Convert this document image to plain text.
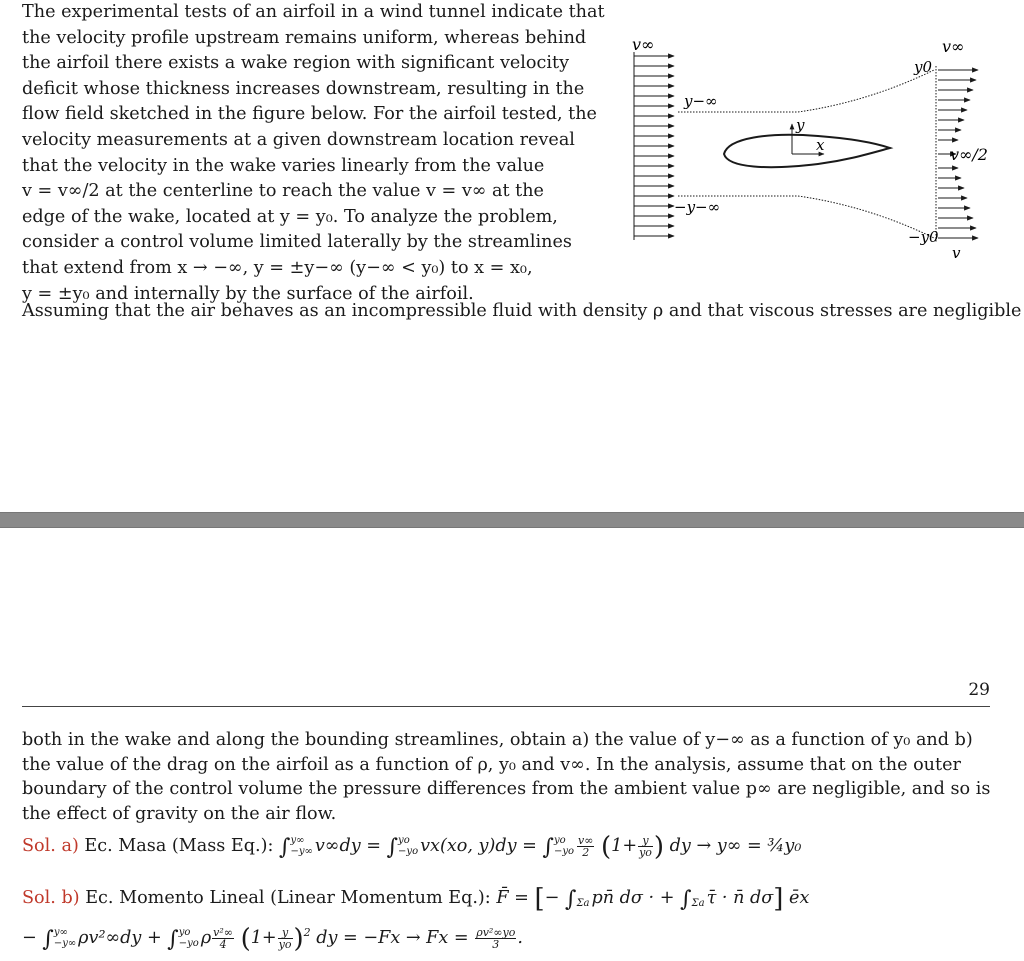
The experimental tests of an airfoil in a wind tunnel indicate that
the velocity profile upstream remains uniform, whereas behind
the airfoil there exists a wake region with significant velocity
deficit whose thickness increases downstream, resulting in the
flow field sketched in the figure below. For the airfoil tested, the
velocity measurements at a given downstream location reveal
that the velocity in the wake varies linearly from the value
v = v∞/2 at the centerline to reach the value v = v∞ at the
edge of the wake, located at y = y₀. To analyze the problem,
consider a control volume limited laterally by the streamlines
that extend from x → −∞, y = ±y−∞ (y−∞ < y₀) to x = x₀,
y = ±y₀ and internally by the surface of the airfoil.
Assuming that the air behaves as an incompressible fluid with density ρ and that viscous stresses are negligible
v∞
y−∞
−y−∞
y
x
v∞
y0
v∞/2
−y0
v
29
both in the wake and along the bounding streamlines, obtain a) the value of y−∞ as a function of y₀ and b)
the value of the drag on the airfoil as a function of ρ, y₀ and v∞. In the analysis, assume that on the outer
boundary of the control volume the pressure differences from the ambient value p∞ are negligible, and so is
the effect of gravity on the air flow.
Sol. a) Ec. Masa (Mass Eq.): ∫ y∞
−y∞ v∞dy = ∫ yo
−yo vx(xo, y)dy = ∫ yo
$-yo \frac{v\infty}{2} (1+ \frac{y}{yo}$ ) dy → y∞ = ¾y₀
Sol. b) Ec. Momento Lineal (Linear Momentum Eq.): F̄ = [− ∫
Σa pn̄ dσ · + ∫
Σa τ̄ · n̄ dσ] ēx
− ∫ y∞
−y∞ ρv²∞dy + ∫ yo
−yo ρ $\frac{\text{v²∞}}{4} (1+ \frac{y}{yo} )^2$ dy = $-Fx \to Fx = \frac{\text{ρv²∞yo}}{3}$ .
